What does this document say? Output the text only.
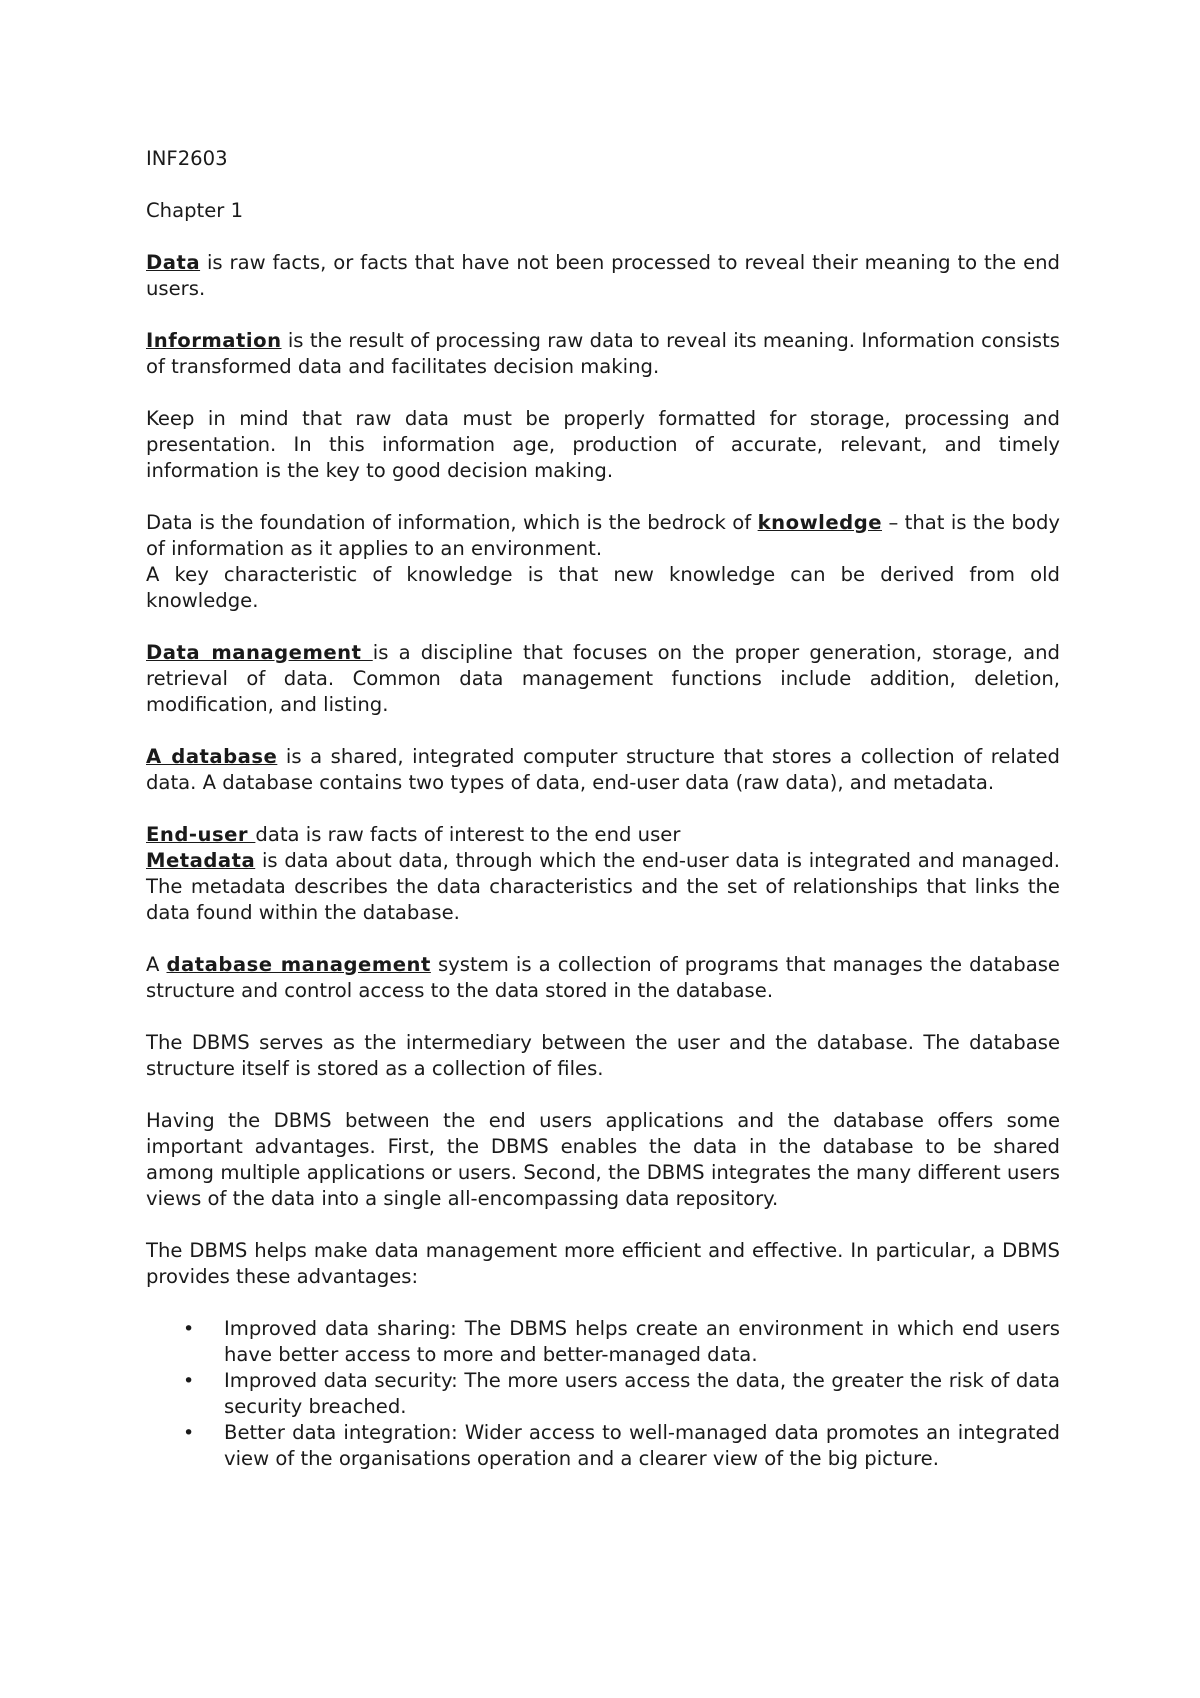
INF2603
Chapter 1

Data is raw facts, or facts that have not been processed to reveal their meaning to the end users.

Information is the result of processing raw data to reveal its meaning. Information consists of transformed data and facilitates decision making.

Keep in mind that raw data must be properly formatted for storage, processing and presentation. In this information age, production of accurate, relevant, and timely information is the key to good decision making.

Data is the foundation of information, which is the bedrock of knowledge – that is the body of information as it applies to an environment.

A key characteristic of knowledge is that new knowledge can be derived from old knowledge.

Data management is a discipline that focuses on the proper generation, storage, and retrieval of data. Common data management functions include addition, deletion, modification, and listing.

A database is a shared, integrated computer structure that stores a collection of related data. A database contains two types of data, end-user data (raw data), and metadata.

End-user data is raw facts of interest to the end user

Metadata is data about data, through which the end-user data is integrated and managed. The metadata describes the data characteristics and the set of relationships that links the data found within the database.

A database management system is a collection of programs that manages the database structure and control access to the data stored in the database.

The DBMS serves as the intermediary between the user and the database. The database structure itself is stored as a collection of files.

Having the DBMS between the end users applications and the database offers some important advantages. First, the DBMS enables the data in the database to be shared among multiple applications or users. Second, the DBMS integrates the many different users views of the data into a single all-encompassing data repository.

The DBMS helps make data management more efficient and effective. In particular, a DBMS provides these advantages:

• Improved data sharing: The DBMS helps create an environment in which end users have better access to more and better-managed data.
• Improved data security: The more users access the data, the greater the risk of data security breached.
• Better data integration: Wider access to well-managed data promotes an integrated view of the organisations operation and a clearer view of the big picture.
